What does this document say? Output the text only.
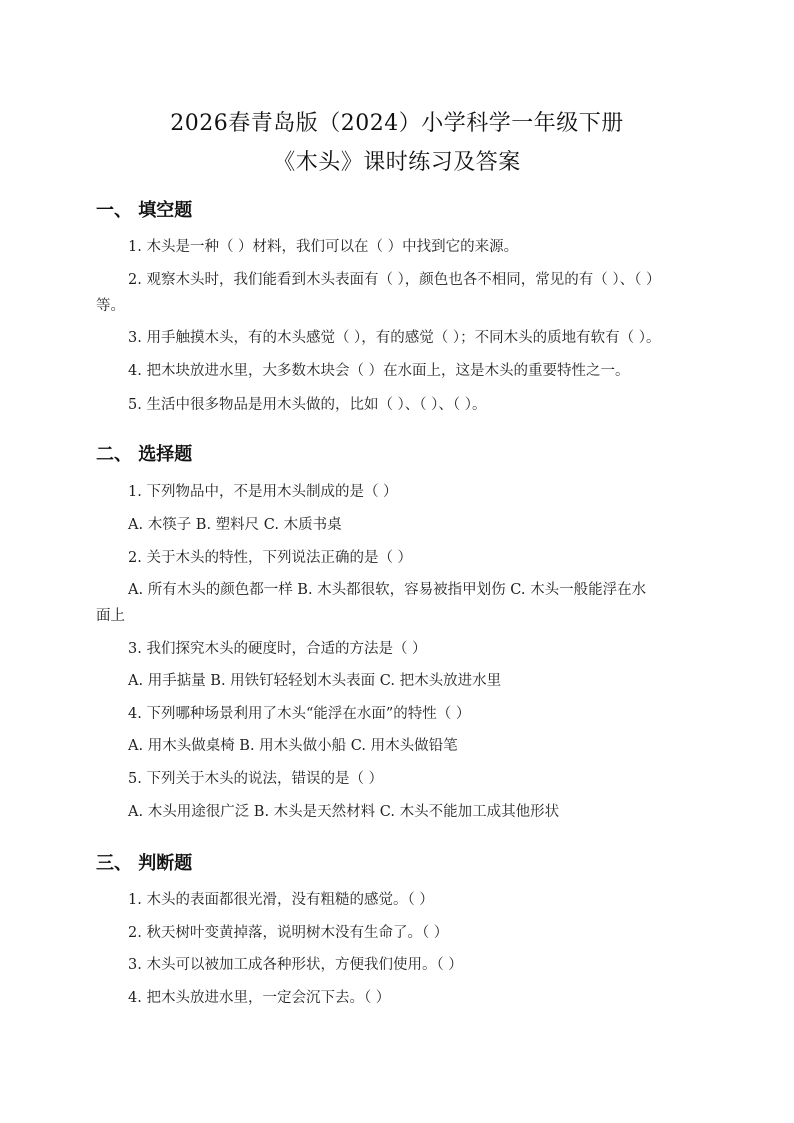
2026春青岛版（2024）小学科学一年级下册
《木头》课时练习及答案
一、 填空题
1. 木头是一种（ ）材料，我们可以在（ ）中找到它的来源。
2. 观察木头时，我们能看到木头表面有（ ），颜色也各不相同，常见的有（ ）、（ ）
等。
3. 用手触摸木头，有的木头感觉（ ），有的感觉（ ）；不同木头的质地有软有（ ）。
4. 把木块放进水里，大多数木块会（ ）在水面上，这是木头的重要特性之一。
5. 生活中很多物品是用木头做的，比如（ ）、（ ）、（ ）。
二、 选择题
1. 下列物品中，不是用木头制成的是（ ）
A. 木筷子 B. 塑料尺 C. 木质书桌
2. 关于木头的特性，下列说法正确的是（ ）
A. 所有木头的颜色都一样 B. 木头都很软，容易被指甲划伤 C. 木头一般能浮在水
面上
3. 我们探究木头的硬度时，合适的方法是（ ）
A. 用手掂量 B. 用铁钉轻轻划木头表面 C. 把木头放进水里
4. 下列哪种场景利用了木头“能浮在水面”的特性（ ）
A. 用木头做桌椅 B. 用木头做小船 C. 用木头做铅笔
5. 下列关于木头的说法，错误的是（ ）
A. 木头用途很广泛 B. 木头是天然材料 C. 木头不能加工成其他形状
三、 判断题
1. 木头的表面都很光滑，没有粗糙的感觉。（ ）
2. 秋天树叶变黄掉落，说明树木没有生命了。（ ）
3. 木头可以被加工成各种形状，方便我们使用。（ ）
4. 把木头放进水里，一定会沉下去。（ ）
